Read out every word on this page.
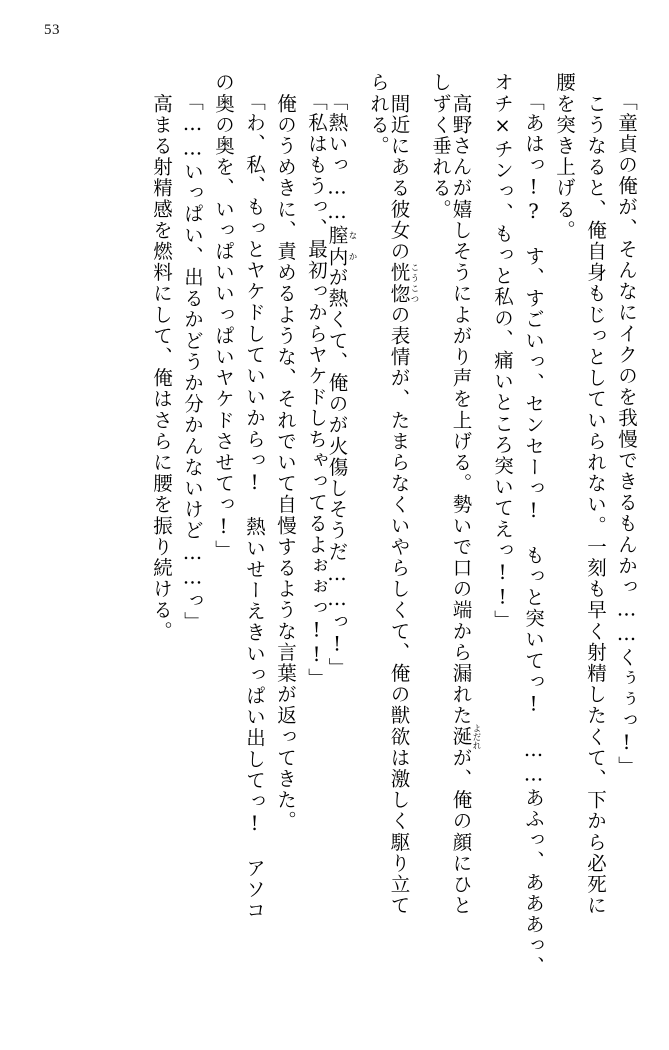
53
「童貞の俺が、そんなにイクのを我慢できるもんかっ……くぅぅっ!」
　こうなると、俺自身もじっとしていられない。一刻も早く射精したくて、下から必死に
腰を突き上げる。
「あはっ!?　す、すごいっ、センセーっ!　もっと突いてっ!　……あふっ、あああっ、
オチ×チンっ、もっと私の、痛いところ突いてえっ!!」
　高野さんが嬉しそうによがり声を上げる。勢いで口の端から漏れた涎よだれが、俺の顔にひと
しずく垂れる。
　間近にある彼女の恍惚こうこつの表情が、たまらなくいやらしくて、俺の獣欲は激しく駆り立て
られる。
「熱いっ……膣内なかが熱くて、俺のが火傷しそうだ……っ!」
「私はもうっ、最初っからヤケドしちゃってるよぉぉっ!!」
　俺のうめきに、責めるような、それでいて自慢するような言葉が返ってきた。
「わ、私、もっとヤケドしていいからっ!　熱いせーえきいっぱい出してっ!　アソコ
の奥の奥を、いっぱいいっぱいヤケドさせてっ!」
「……いっぱい、出るかどうか分かんないけど……っ」
　高まる射精感を燃料にして、俺はさらに腰を振り続ける。
